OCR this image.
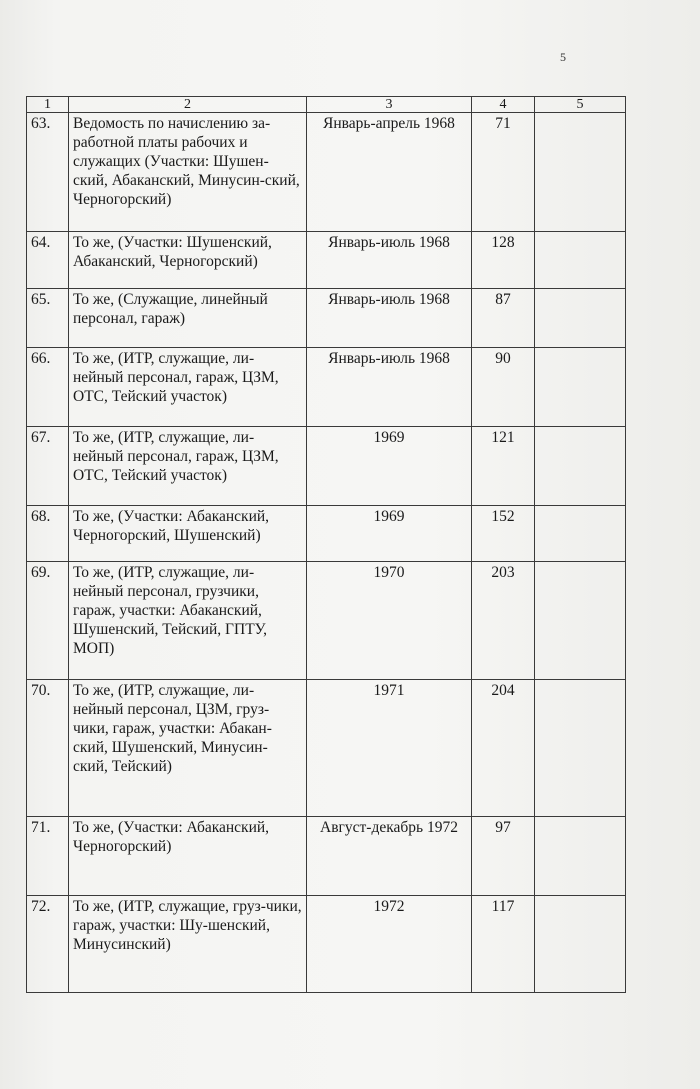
5
1	2	3	4	5
63.	Ведомость по начислению за-работной платы рабочих и служащих (Участки: Шушен-ский, Абаканский, Минусин-ский, Черногорский)	Январь-апрель 1968	71	
64.	То же, (Участки: Шушенский, Абаканский, Черногорский)	Январь-июль 1968	128	
65.	То же, (Служащие, линейный персонал, гараж)	Январь-июль 1968	87	
66.	То же, (ИТР, служащие, ли-нейный персонал, гараж, ЦЗМ, ОТС, Тейский участок)	Январь-июль 1968	90	
67.	То же, (ИТР, служащие, ли-нейный персонал, гараж, ЦЗМ, ОТС, Тейский участок)	1969	121	
68.	То же, (Участки: Абаканский, Черногорский, Шушенский)	1969	152	
69.	То же, (ИТР, служащие, ли-нейный персонал, грузчики, гараж, участки: Абаканский, Шушенский, Тейский, ГПТУ, МОП)	1970	203	
70.	То же, (ИТР, служащие, ли-нейный персонал, ЦЗМ, груз-чики, гараж, участки: Абакан-ский, Шушенский, Минусин-ский, Тейский)	1971	204	
71.	То же, (Участки: Абаканский, Черногорский)	Август-декабрь 1972	97	
72.	То же, (ИТР, служащие, груз-чики, гараж, участки: Шу-шенский, Минусинский)	1972	117	
